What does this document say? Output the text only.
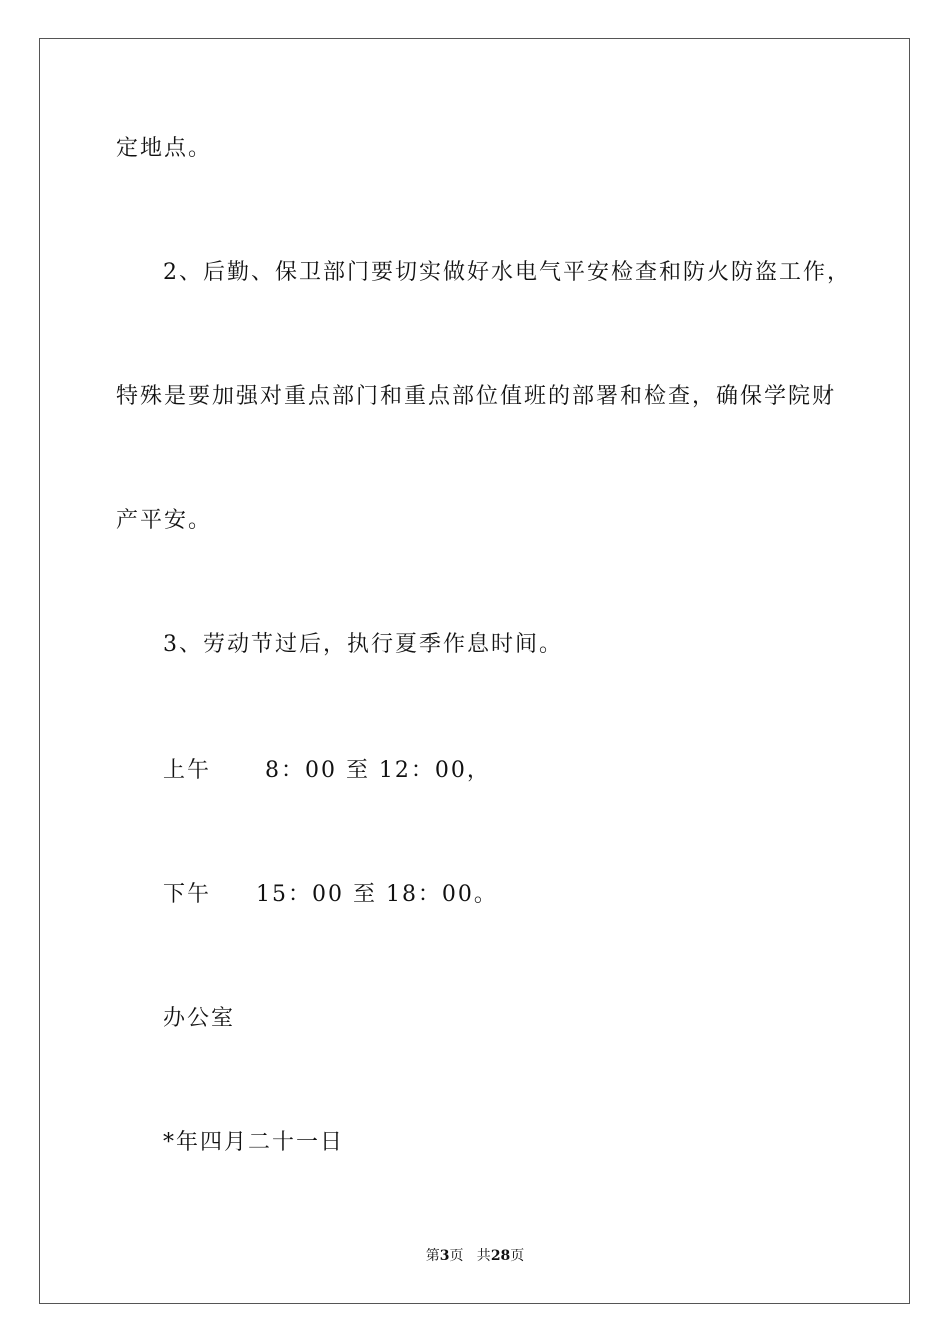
定地点。
2、后勤、保卫部门要切实做好水电气平安检查和防火防盗工作，
特殊是要加强对重点部门和重点部位值班的部署和检查，确保学院财
产平安。
3、劳动节过后，执行夏季作息时间。
上午      8：00 至 12：00，
下午     15：00 至 18：00。
办公室
*年四月二十一日
第3页   共28页
